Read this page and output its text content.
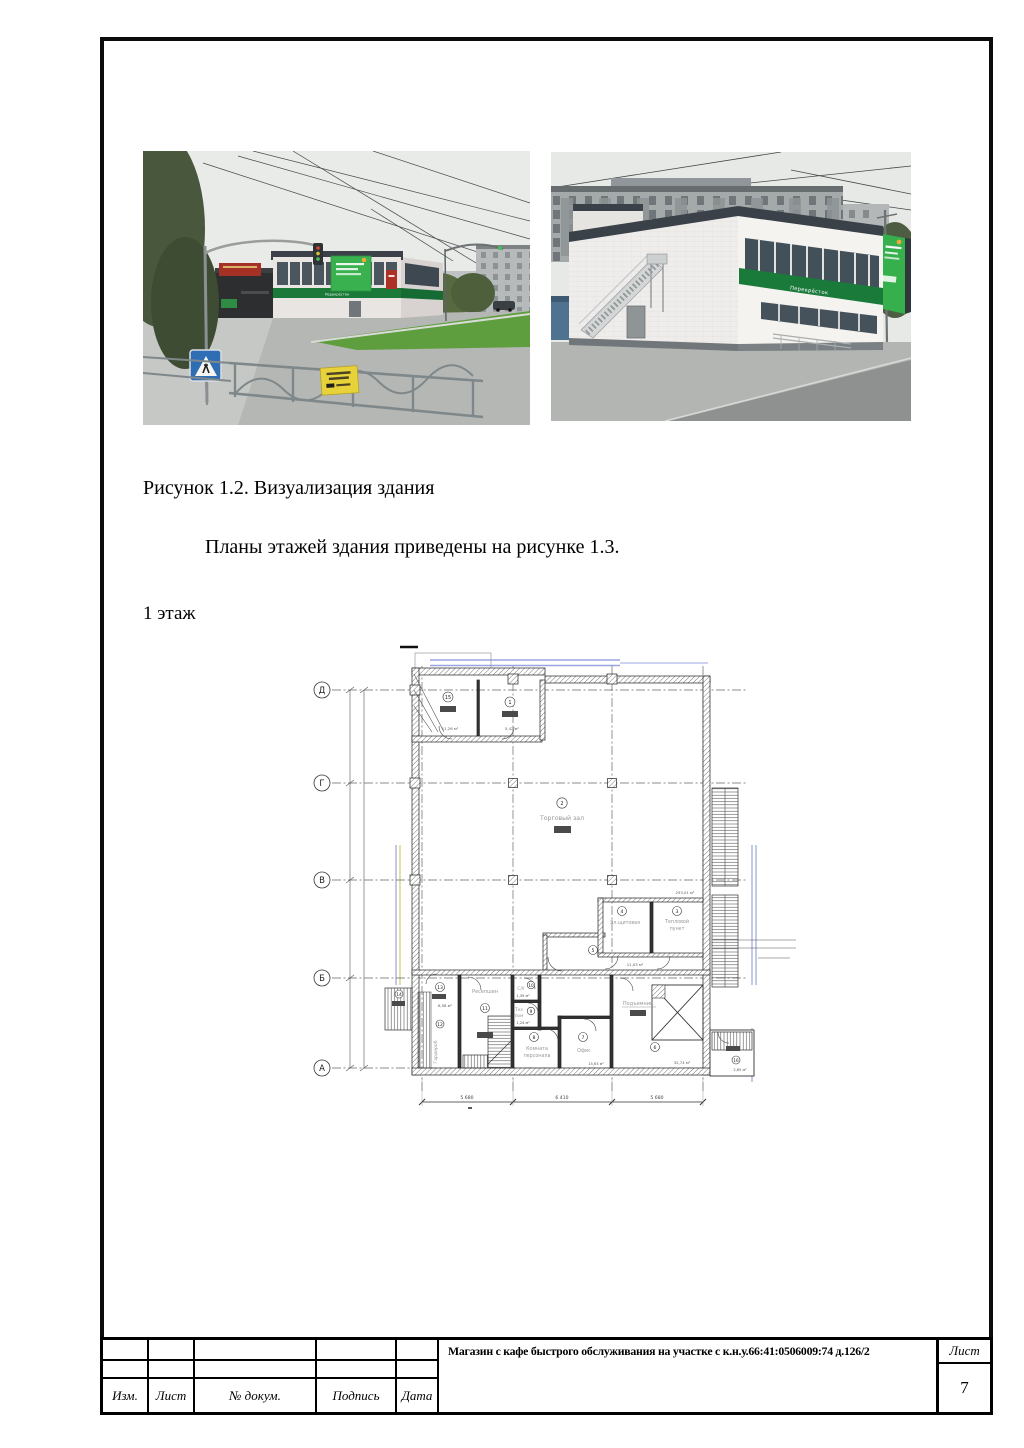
Перекрёсток	Перекрёсток
Рисунок 1.2. Визуализация здания
Планы этажей здания приведены на рисунке 1.3.
1 этаж
Д
Г
В
Б
А
15
11,26 м²
1
5,42 м²
2
Торговый зал
4
Эл.щитовая
3
Тепловой
пункт
5
11,03 м²
253,01 м²
Подъемник
6
32,74 м²
Ресепшен
11
13
6,58 м²
14
12
Гардероб
С/У
10
1,39 м²
Тех
пом
9
1,24 м²
8
Комната
персонала
7
Офис
15,63 м²
16
2,65 м²
5 680	6 410	5 680
Изм.	Лист	№ докум.	Подпись	Дата
Магазин с кафе быстрого обслуживания на участке с к.н.у.66:41:0506009:74 д.126/2	Лист
7
